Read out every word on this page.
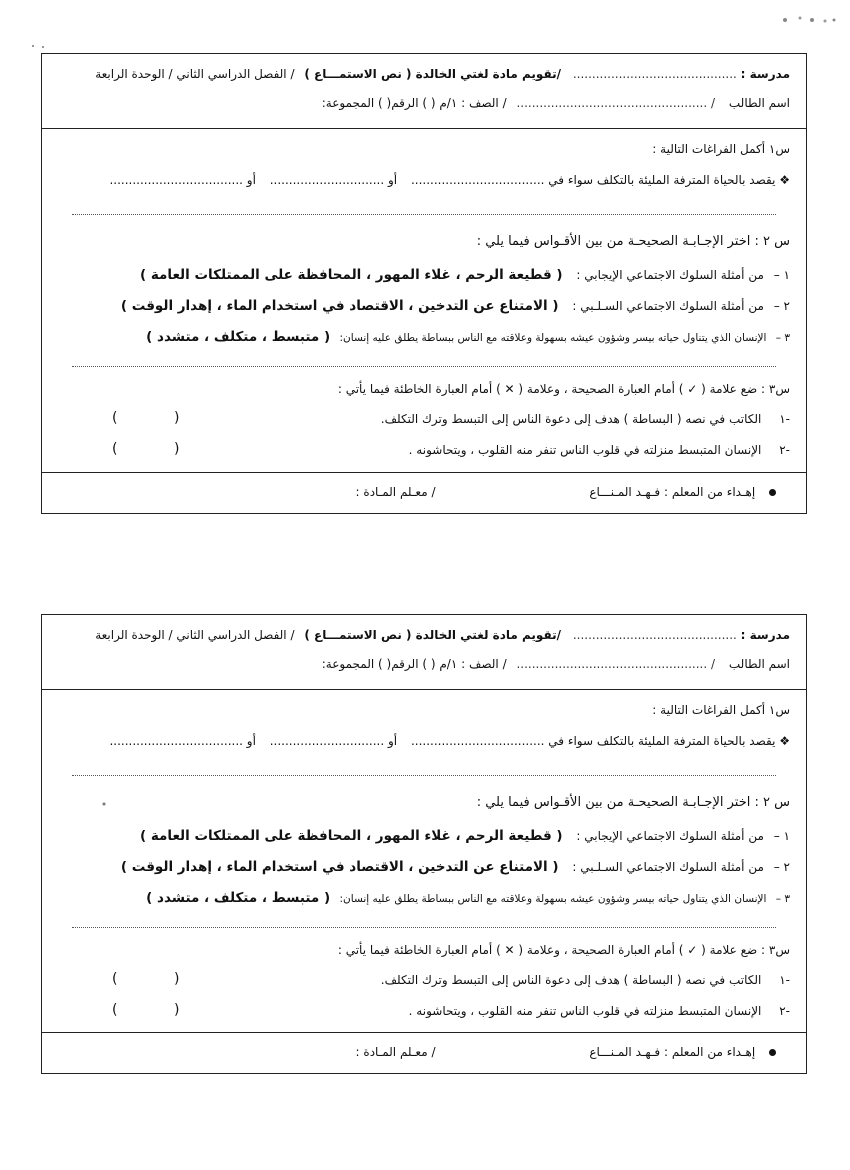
مدرسة : ........................................... /تقويم مادة لغتي الخالدة ( نص الاستمـــاع ) / الفصل الدراسي الثاني / الوحدة الرابعة
اسم الطالب / .................................................. / الصف : ١/م ( ) الرقم( ) المجموعة:
س١ أكمل الفراغات التالية :
❖ يقصد بالحياة المترفة المليئة بالتكلف سواء في ................................... أو .............................. أو ...................................
س ٢ : اختر الإجـابـة الصحيحـة من بين الأقـواس فيما يلي :
١ – من أمثلة السلوك الاجتماعي الإيجابي : ( قطيعة الرحم ، غلاء المهور ، المحافظة على الممتلكات العامة )
٢ – من أمثلة السلوك الاجتماعي السـلـبي : ( الامتناع عن التدخين ، الاقتصاد في استخدام الماء ، إهدار الوقت )
٣ – الإنسان الذي يتناول حياته بيسر وشؤون عيشه بسهولة وعلاقته مع الناس ببساطة يطلق عليه إنسان: ( متبسط ، متكلف ، متشدد )
س٣ : ضع علامة ( ✓ ) أمام العبارة الصحيحة ، وعلامة ( ✕ ) أمام العبارة الخاطئة فيما يأتي :
-١ الكاتب في نصه ( البساطة ) هدف إلى دعوة الناس إلى التبسط وترك التكلف.
(
)
-٢ الإنسان المتبسط منزلته في قلوب الناس تنفر منه القلوب ، ويتحاشونه .
(
)
إهـداء من المعلم : فـهـد المـنـــاع / معـلم المـادة :
مدرسة : ........................................... /تقويم مادة لغتي الخالدة ( نص الاستمـــاع ) / الفصل الدراسي الثاني / الوحدة الرابعة
اسم الطالب / .................................................. / الصف : ١/م ( ) الرقم( ) المجموعة:
س١ أكمل الفراغات التالية :
❖ يقصد بالحياة المترفة المليئة بالتكلف سواء في ................................... أو .............................. أو ...................................
س ٢ : اختر الإجـابـة الصحيحـة من بين الأقـواس فيما يلي :
١ – من أمثلة السلوك الاجتماعي الإيجابي : ( قطيعة الرحم ، غلاء المهور ، المحافظة على الممتلكات العامة )
٢ – من أمثلة السلوك الاجتماعي السـلـبي : ( الامتناع عن التدخين ، الاقتصاد في استخدام الماء ، إهدار الوقت )
٣ – الإنسان الذي يتناول حياته بيسر وشؤون عيشه بسهولة وعلاقته مع الناس ببساطة يطلق عليه إنسان: ( متبسط ، متكلف ، متشدد )
س٣ : ضع علامة ( ✓ ) أمام العبارة الصحيحة ، وعلامة ( ✕ ) أمام العبارة الخاطئة فيما يأتي :
-١ الكاتب في نصه ( البساطة ) هدف إلى دعوة الناس إلى التبسط وترك التكلف.
(
)
-٢ الإنسان المتبسط منزلته في قلوب الناس تنفر منه القلوب ، ويتحاشونه .
(
)
إهـداء من المعلم : فـهـد المـنـــاع / معـلم المـادة :
